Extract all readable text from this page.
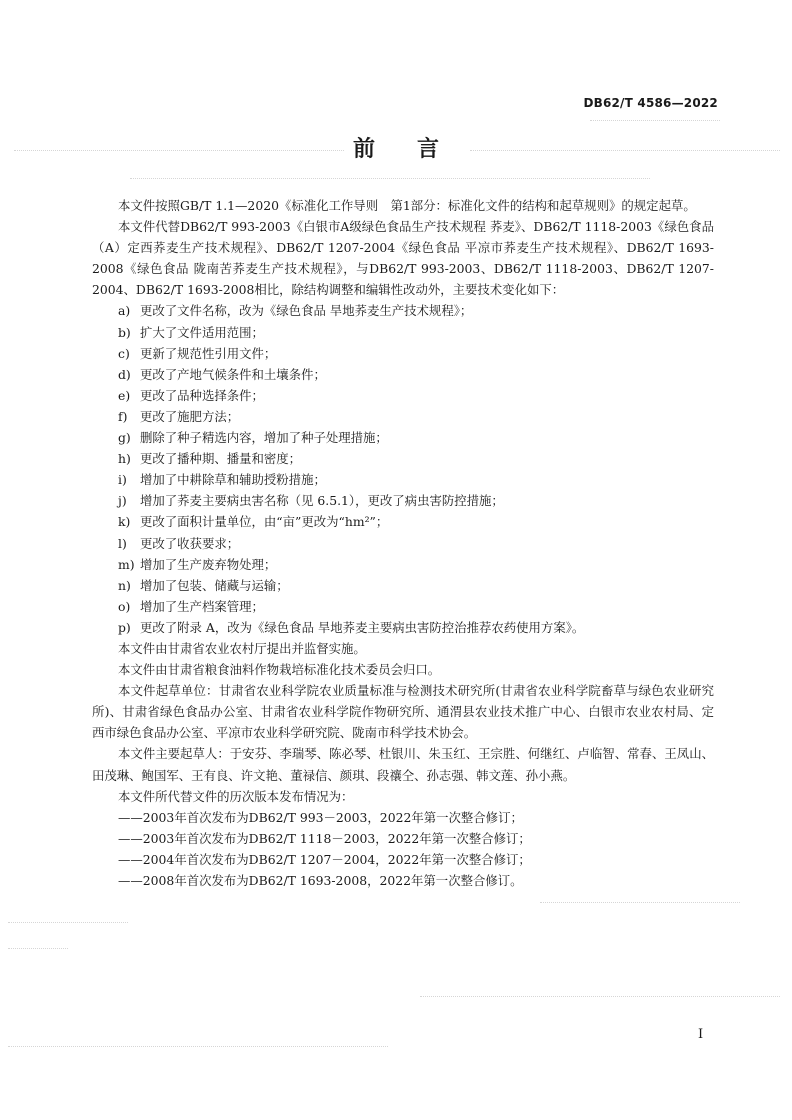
DB62/T 4586—2022
前言

本文件按照GB/T 1.1—2020《标准化工作导则　第1部分：标准化文件的结构和起草规则》的规定起草。

本文件代替DB62/T 993-2003《白银市A级绿色食品生产技术规程 荞麦》、DB62/T 1118-2003《绿色食品（A）定西荞麦生产技术规程》、DB62/T 1207-2004《绿色食品 平凉市荞麦生产技术规程》、DB62/T 1693-2008《绿色食品 陇南苦荞麦生产技术规程》，与DB62/T 993-2003、DB62/T 1118-2003、DB62/T 1207-2004、DB62/T 1693-2008相比，除结构调整和编辑性改动外，主要技术变化如下：

a) 更改了文件名称，改为《绿色食品 旱地荞麦生产技术规程》；

b) 扩大了文件适用范围；

c) 更新了规范性引用文件；

d) 更改了产地气候条件和土壤条件；

e) 更改了品种选择条件；

f) 更改了施肥方法；

g) 删除了种子精选内容，增加了种子处理措施；

h) 更改了播种期、播量和密度；

i) 增加了中耕除草和辅助授粉措施；

j) 增加了荞麦主要病虫害名称（见 6.5.1），更改了病虫害防控措施；

k) 更改了面积计量单位，由“亩”更改为“hm²”；

l) 更改了收获要求；

m) 增加了生产废弃物处理；

n) 增加了包装、储藏与运输；

o) 增加了生产档案管理；

p) 更改了附录 A，改为《绿色食品 旱地荞麦主要病虫害防控治推荐农药使用方案》。

本文件由甘肃省农业农村厅提出并监督实施。

本文件由甘肃省粮食油料作物栽培标准化技术委员会归口。

本文件起草单位：甘肃省农业科学院农业质量标准与检测技术研究所(甘肃省农业科学院畜草与绿色农业研究所)、甘肃省绿色食品办公室、甘肃省农业科学院作物研究所、通渭县农业技术推广中心、白银市农业农村局、定西市绿色食品办公室、平凉市农业科学研究院、陇南市科学技术协会。

本文件主要起草人：于安芬、李瑞琴、陈必琴、杜银川、朱玉红、王宗胜、何继红、卢临智、常春、王凤山、田茂琳、鲍国军、王有良、许文艳、董禄信、颜琪、段禳仝、孙志强、韩文莲、孙小燕。

本文件所代替文件的历次版本发布情况为：

——2003年首次发布为DB62/T 993－2003，2022年第一次整合修订；

——2003年首次发布为DB62/T 1118－2003，2022年第一次整合修订；

——2004年首次发布为DB62/T 1207－2004，2022年第一次整合修订；

——2008年首次发布为DB62/T 1693-2008，2022年第一次整合修订。

I
